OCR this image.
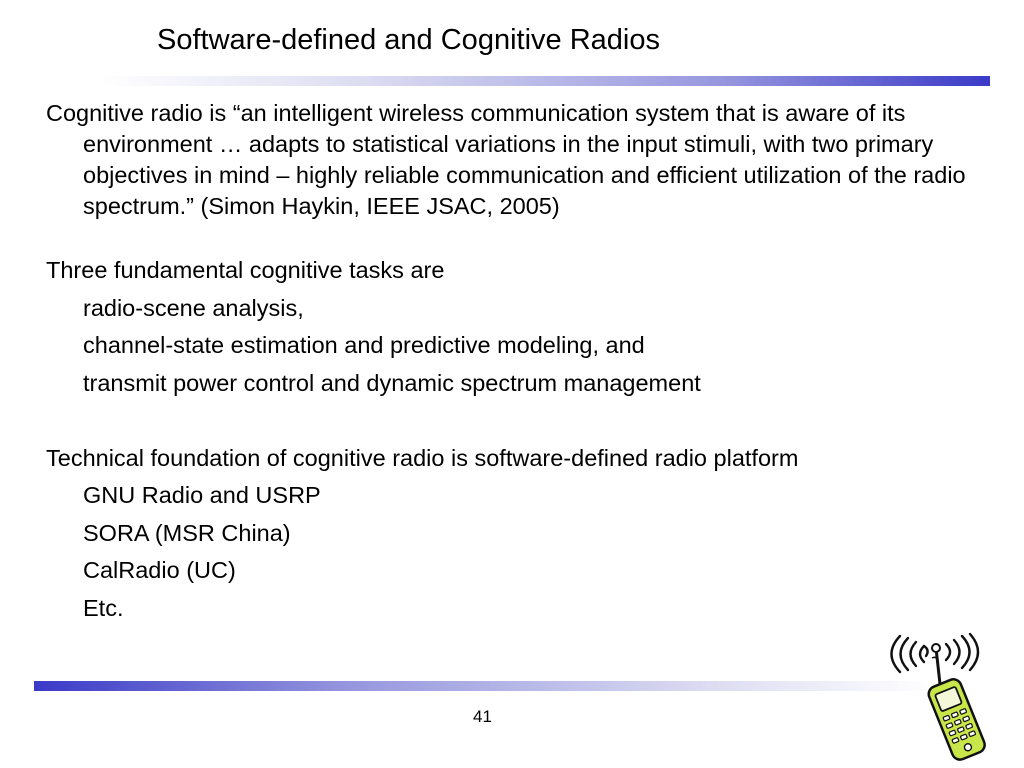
Software-defined and Cognitive Radios

Cognitive radio is “an intelligent wireless communication system that is aware of its environment … adapts to statistical variations in the input stimuli, with two primary objectives in mind – highly reliable communication and efficient utilization of the radio spectrum.” (Simon Haykin, IEEE JSAC, 2005)

Three fundamental cognitive tasks are

radio-scene analysis,

channel-state estimation and predictive modeling, and

transmit power control and dynamic spectrum management

Technical foundation of cognitive radio is software-defined radio platform

GNU Radio and USRP

SORA (MSR China)

CalRadio (UC)

Etc.

41
